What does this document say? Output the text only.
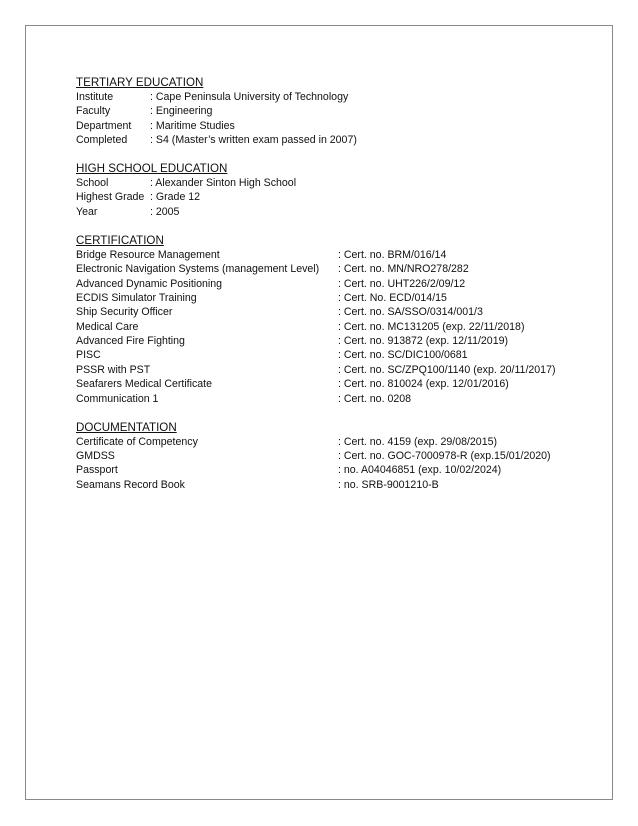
TERTIARY EDUCATION
Institute	: Cape Peninsula University of Technology
Faculty	: Engineering
Department	: Maritime Studies
Completed	: S4 (Master’s written exam passed in 2007)
HIGH SCHOOL EDUCATION
School	: Alexander Sinton High School
Highest Grade : Grade 12
Year	: 2005
CERTIFICATION
Bridge Resource Management	: Cert. no. BRM/016/14
Electronic Navigation Systems (management Level)	: Cert. no. MN/NRO278/282
Advanced Dynamic Positioning	: Cert. no. UHT226/2/09/12
ECDIS Simulator Training	: Cert. No. ECD/014/15
Ship Security Officer	: Cert. no. SA/SSO/0314/001/3
Medical Care	: Cert. no. MC131205 (exp. 22/11/2018)
Advanced Fire Fighting	: Cert. no. 913872 (exp. 12/11/2019)
PISC	: Cert. no. SC/DIC100/0681
PSSR with PST	: Cert. no. SC/ZPQ100/1140 (exp. 20/11/2017)
Seafarers Medical Certificate	: Cert. no. 810024 (exp. 12/01/2016)
Communication 1	: Cert. no. 0208
DOCUMENTATION
Certificate of Competency	: Cert. no. 4159 (exp. 29/08/2015)
GMDSS	: Cert. no. GOC-7000978-R (exp.15/01/2020)
Passport	: no. A04046851 (exp. 10/02/2024)
Seamans Record Book	: no. SRB-9001210-B
